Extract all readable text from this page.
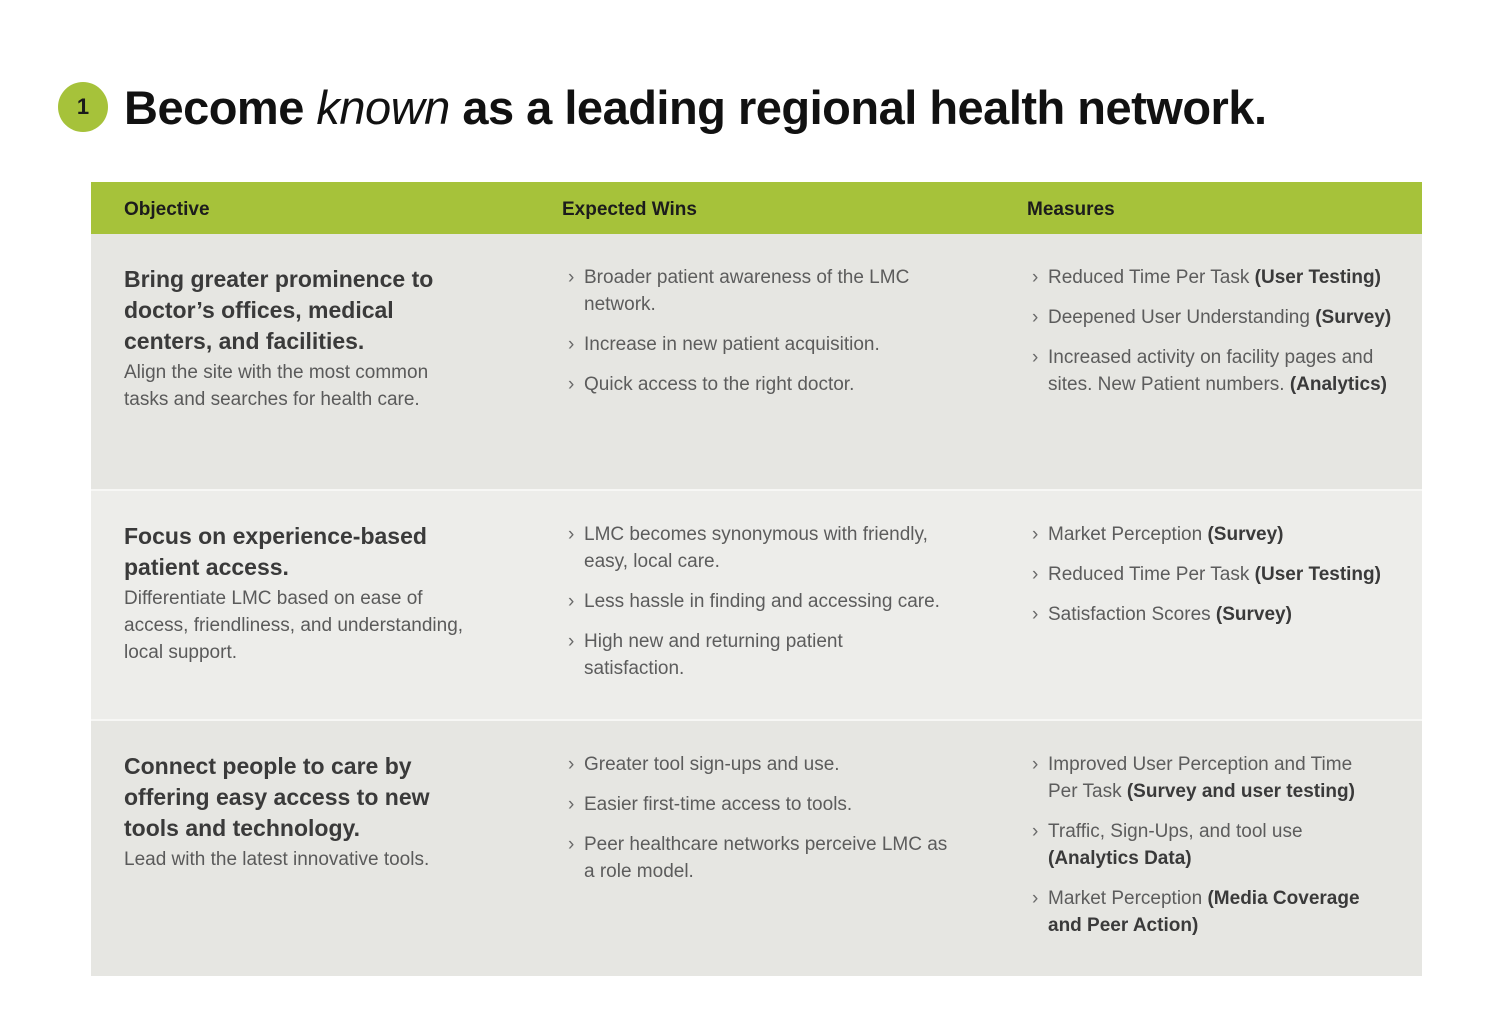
1 Become known as a leading regional health network.
Objective	Expected Wins	Measures

Bring greater prominence to doctor’s offices, medical centers, and facilities.

Align the site with the most common tasks and searches for health care.
› Broader patient awareness of the LMC network.
› Increase in new patient acquisition.
› Quick access to the right doctor.
› Reduced Time Per Task (User Testing)
› Deepened User Understanding (Survey)
› Increased activity on facility pages and sites. New Patient numbers. (Analytics)

Focus on experience-based patient access.

Differentiate LMC based on ease of access, friendliness, and understanding, local support.
› LMC becomes synonymous with friendly, easy, local care.
› Less hassle in finding and accessing care.
› High new and returning patient satisfaction.
› Market Perception (Survey)
› Reduced Time Per Task (User Testing)
› Satisfaction Scores (Survey)

Connect people to care by offering easy access to new tools and technology.

Lead with the latest innovative tools.
› Greater tool sign-ups and use.
› Easier first-time access to tools.
› Peer healthcare networks perceive LMC as a role model.
› Improved User Perception and Time Per Task (Survey and user testing)
› Traffic, Sign-Ups, and tool use (Analytics Data)
› Market Perception (Media Coverage and Peer Action)
